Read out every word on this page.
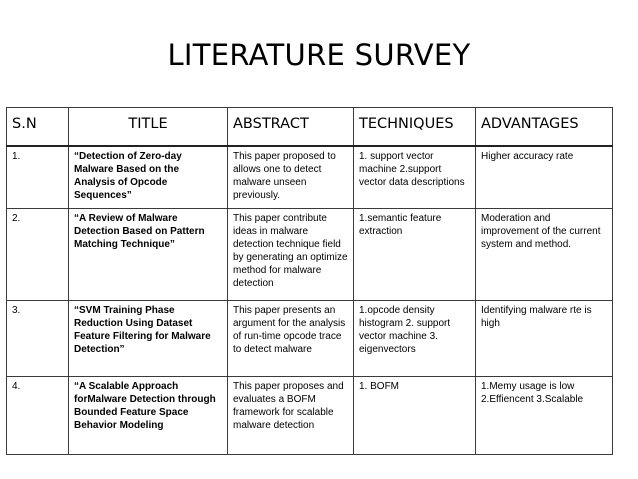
LITERATURE SURVEY
S.N	TITLE	ABSTRACT	TECHNIQUES	ADVANTAGES
1.	“Detection of Zero-day Malware Based on the Analysis of Opcode Sequences”	This paper proposed to allows one to detect malware unseen previously.	1. support vector machine 2.support vector data descriptions	Higher accuracy rate
2.	“A Review of Malware Detection Based on Pattern Matching Technique”	This paper contribute ideas in malware detection technique field by generating an optimize method for malware detection	1.semantic feature extraction	Moderation and improvement of the current system and method.
3.	“SVM Training Phase Reduction Using Dataset Feature Filtering for Malware Detection”	This paper presents an argument for the analysis of run-time opcode trace to detect malware	1.opcode density histogram 2. support vector machine 3. eigenvectors	Identifying malware rte is high
4.	“A Scalable Approach forMalware Detection through Bounded Feature Space Behavior Modeling	This paper proposes and evaluates a BOFM framework for scalable malware detection	1. BOFM	1.Memy usage is low 2.Effiencent 3.Scalable
